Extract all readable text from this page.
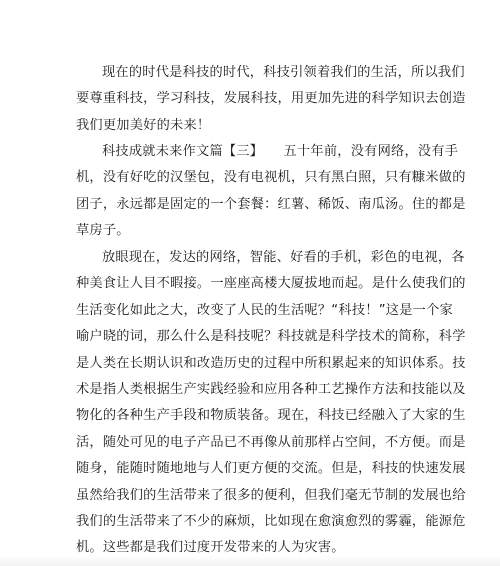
现在的时代是科技的时代，科技引领着我们的生活，所以我们
要尊重科技，学习科技，发展科技，用更加先进的科学知识去创造
我们更加美好的未来！
科技成就未来作文篇【三】　　五十年前，没有网络，没有手
机，没有好吃的汉堡包，没有电视机，只有黑白照，只有糠米做的
团子，永远都是固定的一个套餐：红薯、稀饭、南瓜汤。住的都是
草房子。
放眼现在，发达的网络，智能、好看的手机，彩色的电视，各
种美食让人目不暇接。一座座高楼大厦拔地而起。是什么使我们的
生活变化如此之大，改变了人民的生活呢？“科技！”这是一个家
喻户晓的词，那么什么是科技呢？科技就是科学技术的简称，科学
是人类在长期认识和改造历史的过程中所积累起来的知识体系。技
术是指人类根据生产实践经验和应用各种工艺操作方法和技能以及
物化的各种生产手段和物质装备。现在，科技已经融入了大家的生
活，随处可见的电子产品已不再像从前那样占空间，不方便。而是
随身，能随时随地地与人们更方便的交流。但是，科技的快速发展
虽然给我们的生活带来了很多的便利，但我们毫无节制的发展也给
我们的生活带来了不少的麻烦，比如现在愈演愈烈的雾霾，能源危
机。这些都是我们过度开发带来的人为灾害。
